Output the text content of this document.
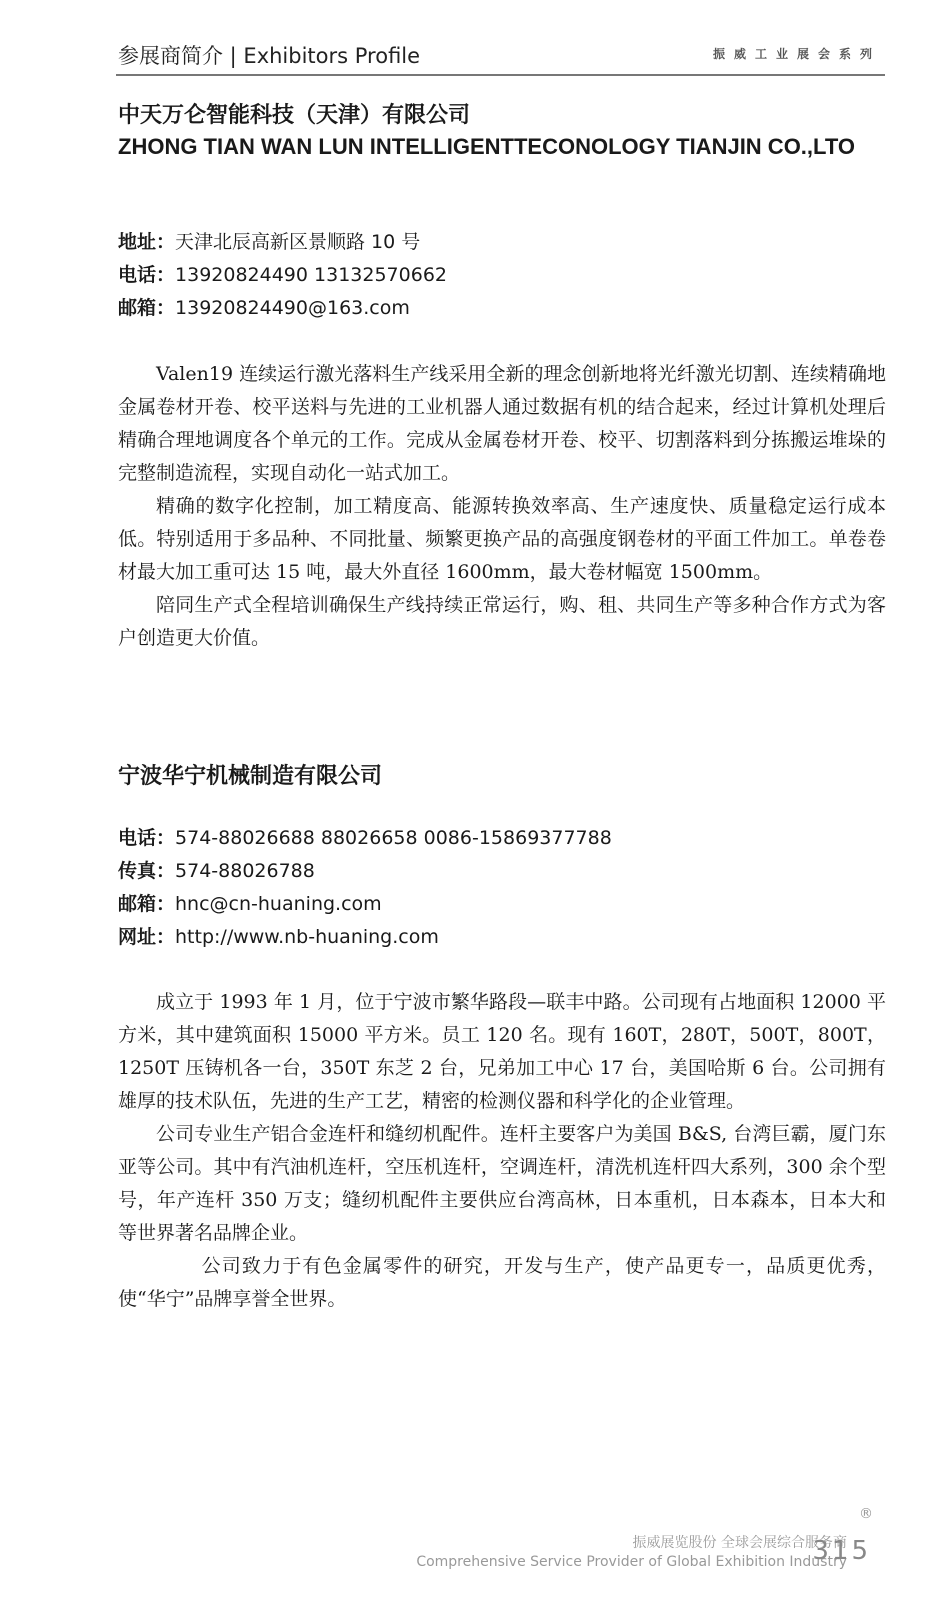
参展商简介 | Exhibitors Profile	振威工业展会系列
中天万仑智能科技（天津）有限公司
ZHONG TIAN WAN LUN INTELLIGENTTECONOLOGY TIANJIN CO.,LTO
地址：天津北辰高新区景顺路 10 号
电话：13920824490 13132570662
邮箱：13920824490@163.com

Valen19 连续运行激光落料生产线采用全新的理念创新地将光纤激光切割、连续精确地金属卷材开卷、校平送料与先进的工业机器人通过数据有机的结合起来，经过计算机处理后精确合理地调度各个单元的工作。完成从金属卷材开卷、校平、切割落料到分拣搬运堆垛的完整制造流程，实现自动化一站式加工。

精确的数字化控制，加工精度高、能源转换效率高、生产速度快、质量稳定运行成本低。特别适用于多品种、不同批量、频繁更换产品的高强度钢卷材的平面工件加工。单卷卷材最大加工重可达 15 吨，最大外直径 1600mm，最大卷材幅宽 1500mm。

陪同生产式全程培训确保生产线持续正常运行，购、租、共同生产等多种合作方式为客户创造更大价值。

宁波华宁机械制造有限公司
电话：574-88026688 88026658 0086-15869377788
传真：574-88026788
邮箱：hnc@cn-huaning.com
网址：http://www.nb-huaning.com

成立于 1993 年 1 月，位于宁波市繁华路段—联丰中路。公司现有占地面积 12000 平方米，其中建筑面积 15000 平方米。员工 120 名。现有 160T，280T，500T，800T，1250T 压铸机各一台，350T 东芝 2 台，兄弟加工中心 17 台，美国哈斯 6 台。公司拥有雄厚的技术队伍，先进的生产工艺，精密的检测仪器和科学化的企业管理。

公司专业生产铝合金连杆和缝纫机配件。连杆主要客户为美国 B&S, 台湾巨霸，厦门东亚等公司。其中有汽油机连杆，空压机连杆，空调连杆，清洗机连杆四大系列，300 余个型号，年产连杆 350 万支；缝纫机配件主要供应台湾高林，日本重机，日本森本，日本大和等世界著名品牌企业。

公司致力于有色金属零件的研究，开发与生产，使产品更专一，品质更优秀，使“华宁”品牌享誉全世界。

®
振威展览股份 全球会展综合服务商
Comprehensive Service Provider of Global Exhibition Industry
315
